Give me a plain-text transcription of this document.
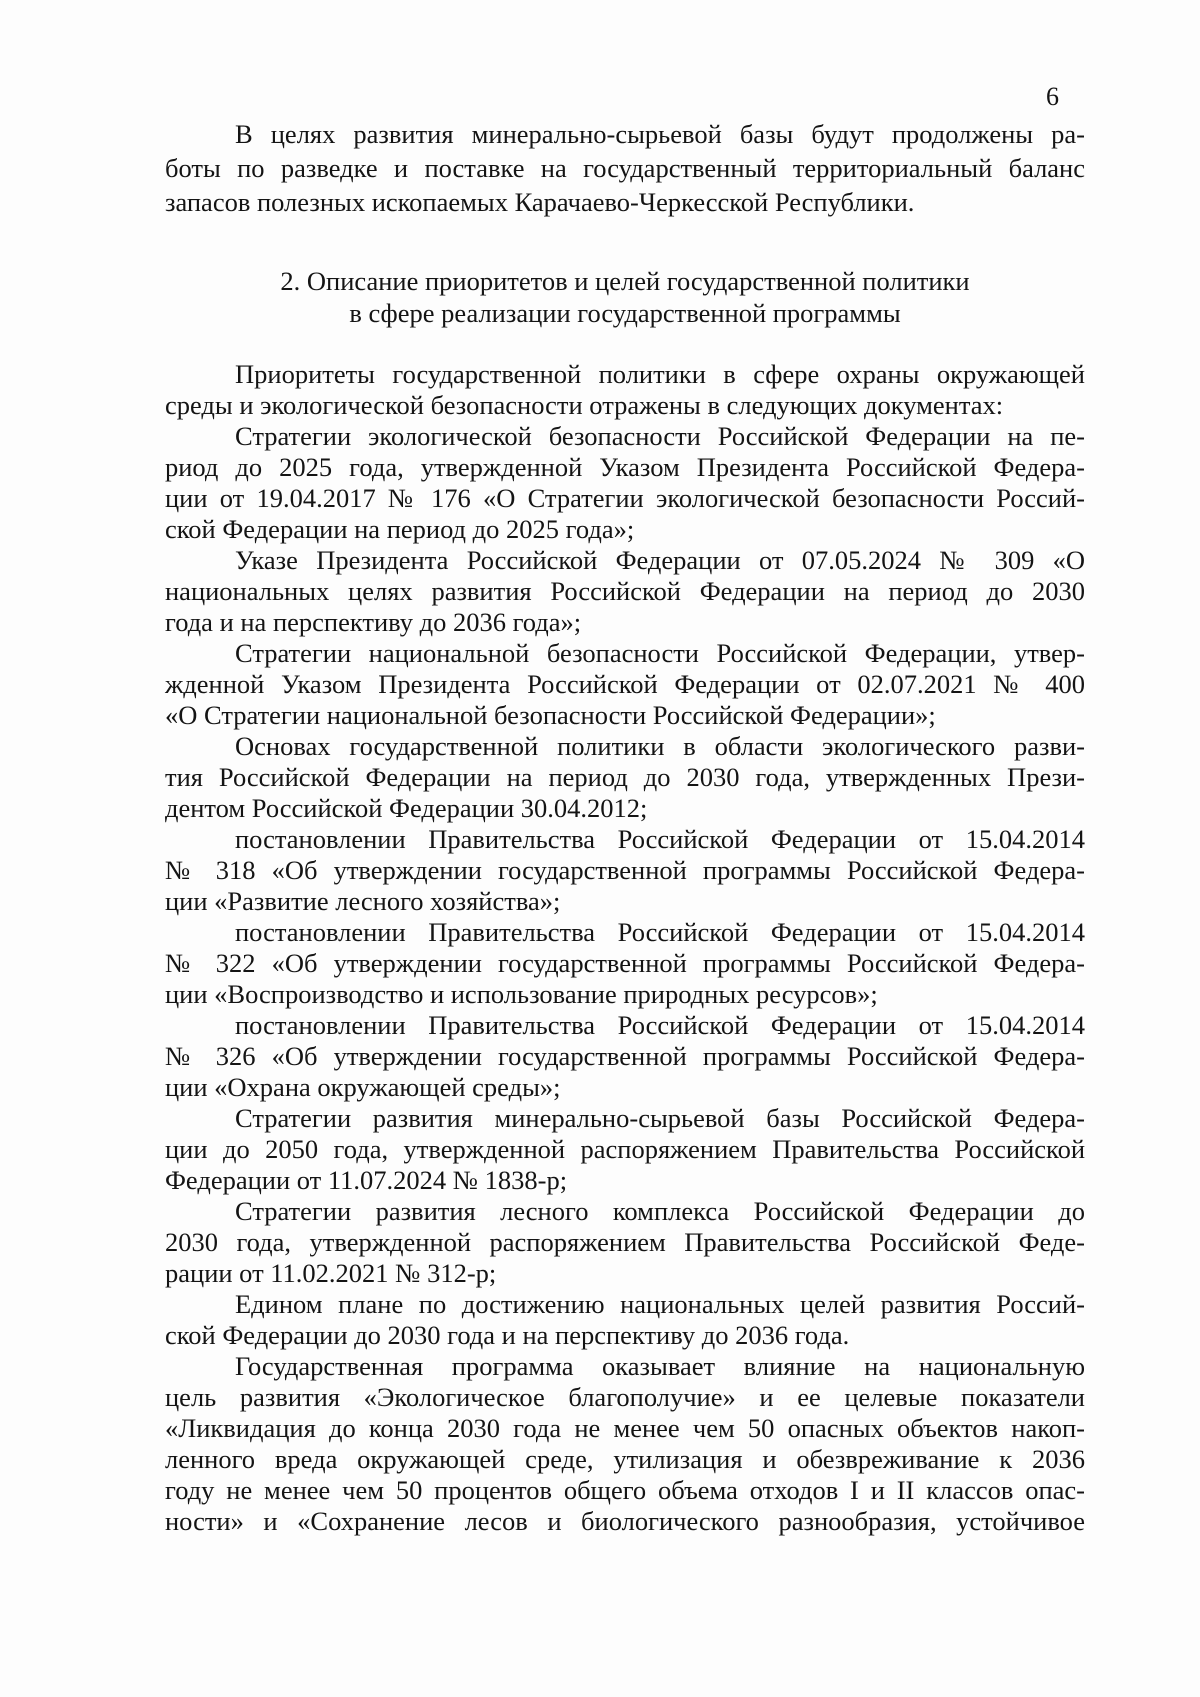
6
В целях развития минерально-сырьевой базы будут продолжены ра-
боты по разведке и поставке на государственный территориальный баланс
запасов полезных ископаемых Карачаево-Черкесской Республики.
2. Описание приоритетов и целей государственной политики
в сфере реализации государственной программы
Приоритеты государственной политики в сфере охраны окружающей
среды и экологической безопасности отражены в следующих документах:
Стратегии экологической безопасности Российской Федерации на пе-
риод до 2025 года, утвержденной Указом Президента Российской Федера-
ции от 19.04.2017 № 176 «О Стратегии экологической безопасности Россий-
ской Федерации на период до 2025 года»;
Указе Президента Российской Федерации от 07.05.2024 № 309 «О
национальных целях развития Российской Федерации на период до 2030
года и на перспективу до 2036 года»;
Стратегии национальной безопасности Российской Федерации, утвер-
жденной Указом Президента Российской Федерации от 02.07.2021 № 400
«О Стратегии национальной безопасности Российской Федерации»;
Основах государственной политики в области экологического разви-
тия Российской Федерации на период до 2030 года, утвержденных Прези-
дентом Российской Федерации 30.04.2012;
постановлении Правительства Российской Федерации от 15.04.2014
№ 318 «Об утверждении государственной программы Российской Федера-
ции «Развитие лесного хозяйства»;
постановлении Правительства Российской Федерации от 15.04.2014
№ 322 «Об утверждении государственной программы Российской Федера-
ции «Воспроизводство и использование природных ресурсов»;
постановлении Правительства Российской Федерации от 15.04.2014
№ 326 «Об утверждении государственной программы Российской Федера-
ции «Охрана окружающей среды»;
Стратегии развития минерально-сырьевой базы Российской Федера-
ции до 2050 года, утвержденной распоряжением Правительства Российской
Федерации от 11.07.2024 № 1838-р;
Стратегии развития лесного комплекса Российской Федерации до
2030 года, утвержденной распоряжением Правительства Российской Феде-
рации от 11.02.2021 № 312-р;
Едином плане по достижению национальных целей развития Россий-
ской Федерации до 2030 года и на перспективу до 2036 года.
Государственная программа оказывает влияние на национальную
цель развития «Экологическое благополучие» и ее целевые показатели
«Ликвидация до конца 2030 года не менее чем 50 опасных объектов накоп-
ленного вреда окружающей среде, утилизация и обезвреживание к 2036
году не менее чем 50 процентов общего объема отходов I и II классов опас-
ности» и «Сохранение лесов и биологического разнообразия, устойчивое
